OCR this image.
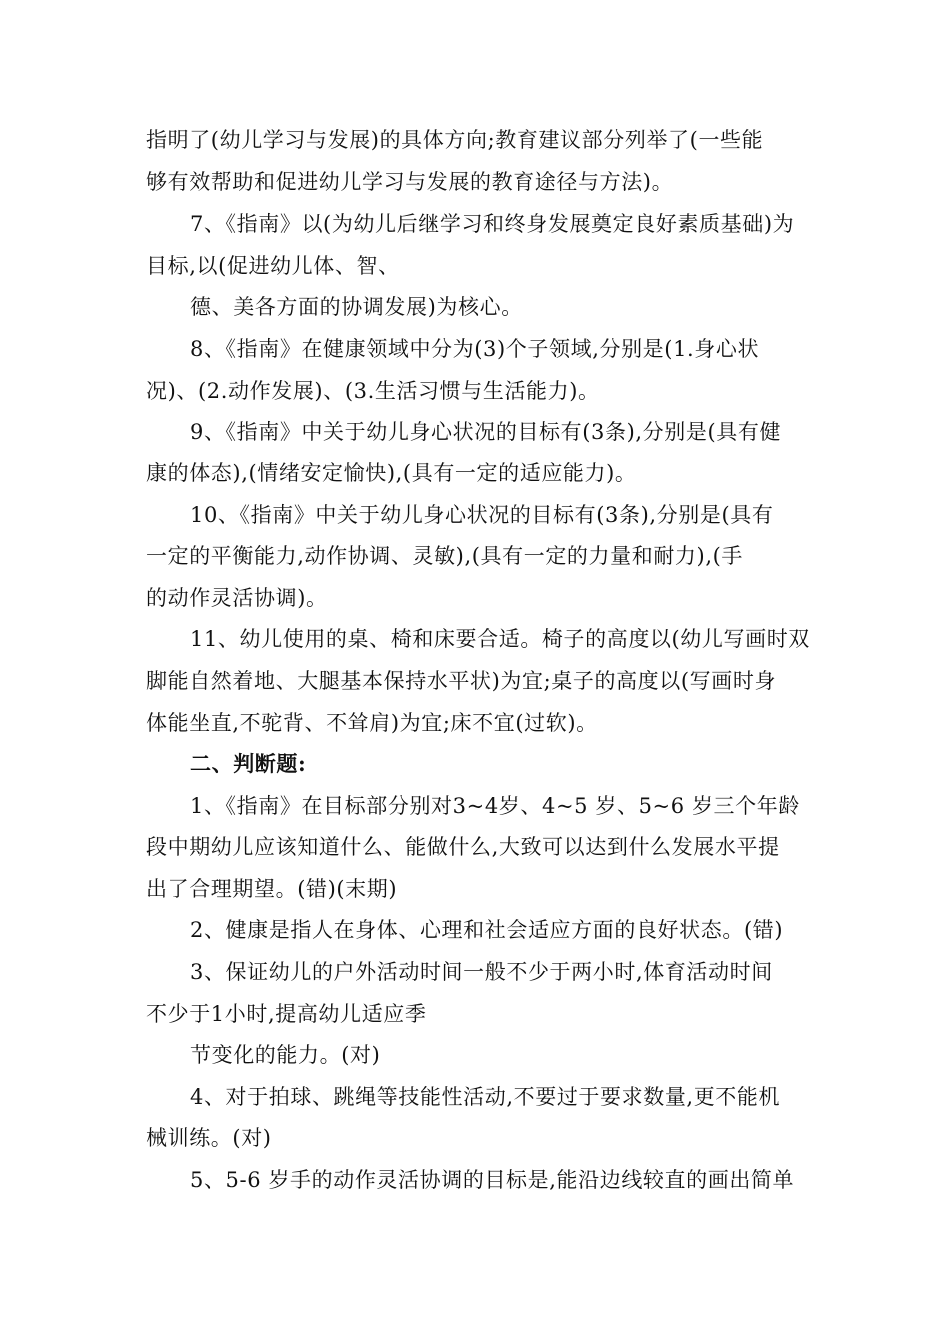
指明了(幼儿学习与发展)的具体方向;教育建议部分列举了(一些能
够有效帮助和促进幼儿学习与发展的教育途径与方法)。
7、《指南》以(为幼儿后继学习和终身发展奠定良好素质基础)为
目标,以(促进幼儿体、智、
德、美各方面的协调发展)为核心。
8、《指南》在健康领域中分为(3)个子领域,分别是(1.身心状
况)、(2.动作发展)、(3.生活习惯与生活能力)。
9、《指南》中关于幼儿身心状况的目标有(3条),分别是(具有健
康的体态),(情绪安定愉快),(具有一定的适应能力)。
10、《指南》中关于幼儿身心状况的目标有(3条),分别是(具有
一定的平衡能力,动作协调、灵敏),(具有一定的力量和耐力),(手
的动作灵活协调)。
11、幼儿使用的桌、椅和床要合适。椅子的高度以(幼儿写画时双
脚能自然着地、大腿基本保持水平状)为宜;桌子的高度以(写画时身
体能坐直,不驼背、不耸肩)为宜;床不宜(过软)。
二、判断题:
1、《指南》在目标部分别对3~4岁、4~5 岁、5~6 岁三个年龄
段中期幼儿应该知道什么、能做什么,大致可以达到什么发展水平提
出了合理期望。(错)(末期)
2、健康是指人在身体、心理和社会适应方面的良好状态。(错)
3、保证幼儿的户外活动时间一般不少于两小时,体育活动时间
不少于1小时,提高幼儿适应季
节变化的能力。(对)
4、对于拍球、跳绳等技能性活动,不要过于要求数量,更不能机
械训练。(对)
5、5-6 岁手的动作灵活协调的目标是,能沿边线较直的画出简单
